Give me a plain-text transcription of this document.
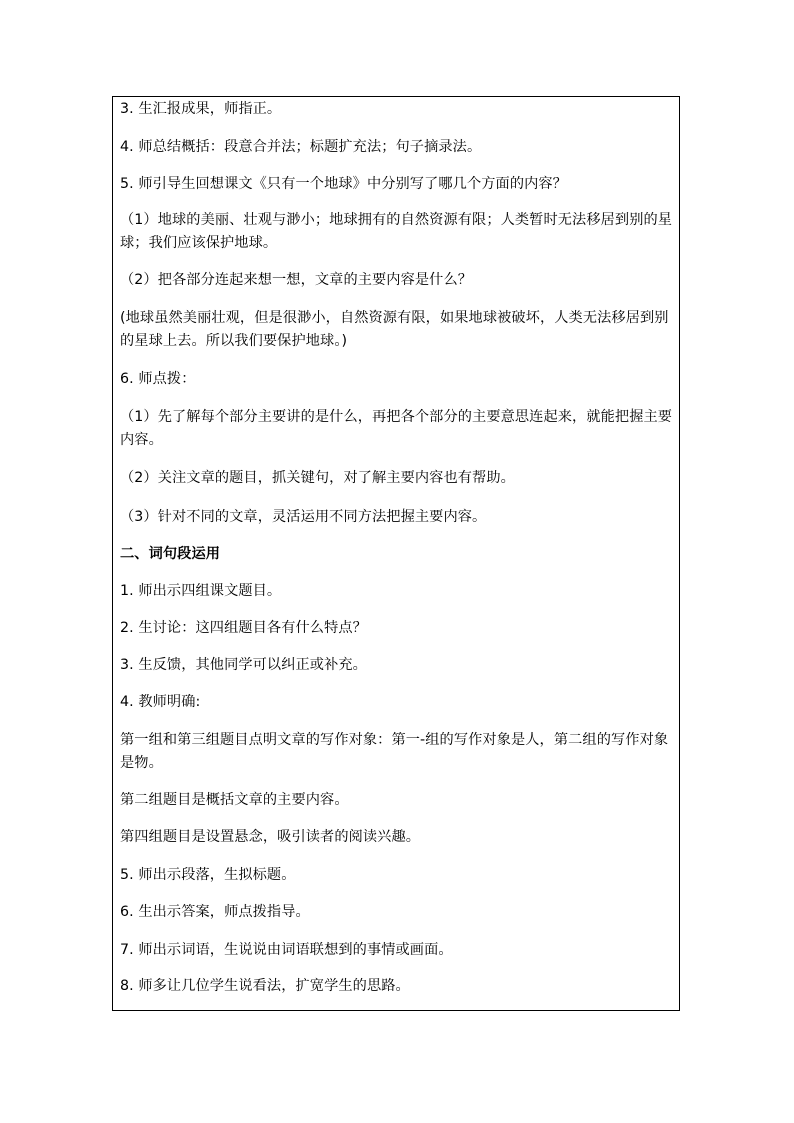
3. 生汇报成果，师指正。
4. 师总结概括：段意合并法；标题扩充法；句子摘录法。
5. 师引导生回想课文《只有一个地球》中分别写了哪几个方面的内容？
（1）地球的美丽、壮观与渺小；地球拥有的自然资源有限；人类暂时无法移居到别的星球；我们应该保护地球。
（2）把各部分连起来想一想，文章的主要内容是什么？
(地球虽然美丽壮观，但是很渺小，自然资源有限，如果地球被破坏，人类无法移居到别的星球上去。所以我们要保护地球。)
6. 师点拨：
（1）先了解每个部分主要讲的是什么，再把各个部分的主要意思连起来，就能把握主要内容。
（2）关注文章的题目，抓关键句，对了解主要内容也有帮助。
（3）针对不同的文章，灵活运用不同方法把握主要内容。
二、词句段运用
1. 师出示四组课文题目。
2. 生讨论：这四组题目各有什么特点？
3. 生反馈，其他同学可以纠正或补充。
4. 教师明确:
第一组和第三组题目点明文章的写作对象：第一-组的写作对象是人，第二组的写作对象是物。
第二组题目是概括文章的主要内容。
第四组题目是设置悬念，吸引读者的阅读兴趣。
5. 师出示段落，生拟标题。
6. 生出示答案，师点拨指导。
7. 师出示词语，生说说由词语联想到的事情或画面。
8. 师多让几位学生说看法，扩宽学生的思路。
